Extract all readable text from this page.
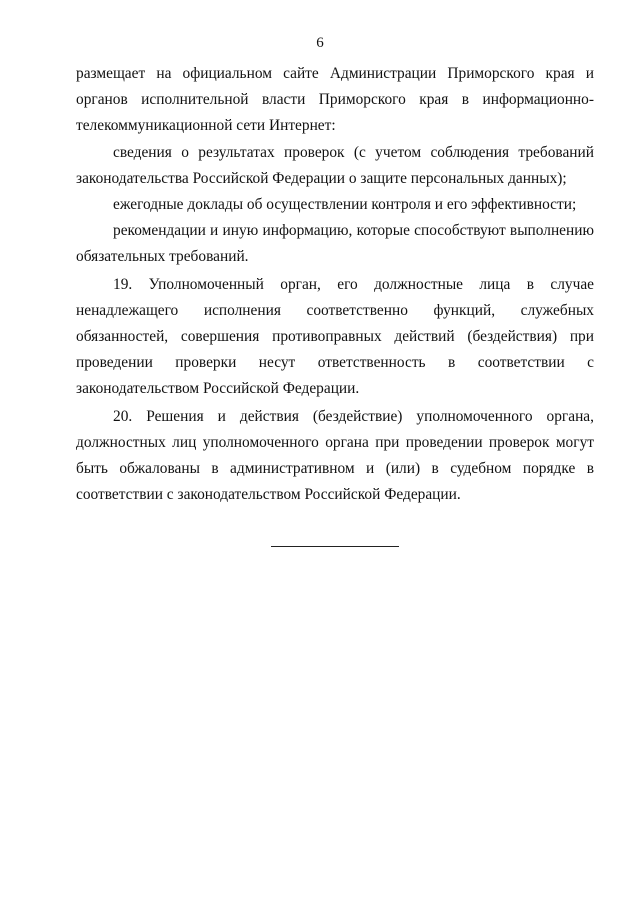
6

размещает на официальном сайте Администрации Приморского края и органов исполнительной власти Приморского края в информационно-телекоммуникационной сети Интернет:

сведения о результатах проверок (с учетом соблюдения требований законодательства Российской Федерации о защите персональных данных);

ежегодные доклады об осуществлении контроля и его эффективности;

рекомендации и иную информацию, которые способствуют выполнению обязательных требований.

19. Уполномоченный орган, его должностные лица в случае ненадлежащего исполнения соответственно функций, служебных обязанностей, совершения противоправных действий (бездействия) при проведении проверки несут ответственность в соответствии с законодательством Российской Федерации.

20. Решения и действия (бездействие) уполномоченного органа, должностных лиц уполномоченного органа при проведении проверок могут быть обжалованы в административном и (или) в судебном порядке в соответствии с законодательством Российской Федерации.
